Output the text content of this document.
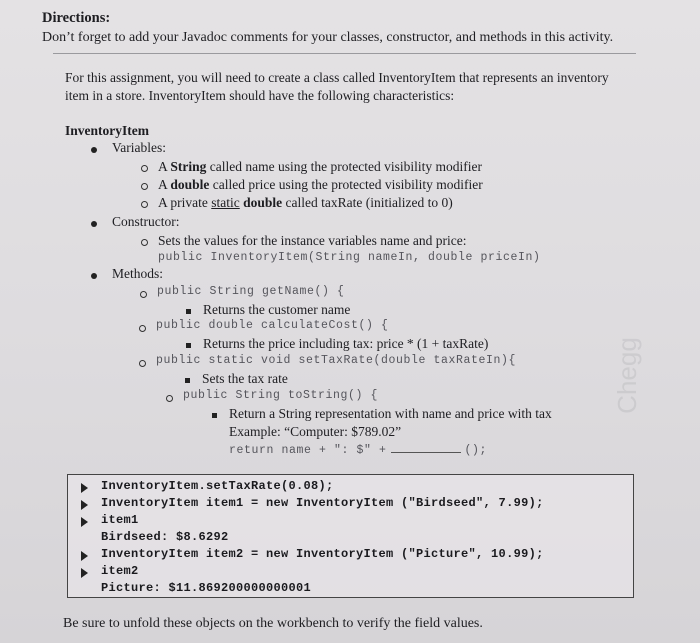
Directions:
Don’t forget to add your Javadoc comments for your classes, constructor, and methods in this activity.
For this assignment, you will need to create a class called InventoryItem that represents an inventory
item in a store. InventoryItem should have the following characteristics:
InventoryItem
Variables:
A String called name using the protected visibility modifier
A double called price using the protected visibility modifier
A private static double called taxRate (initialized to 0)
Constructor:
Sets the values for the instance variables name and price:
public InventoryItem(String nameIn, double priceIn)
Methods:
public String getName() {
Returns the customer name
public double calculateCost() {
Returns the price including tax: price * (1 + taxRate)
public static void setTaxRate(double taxRateIn){
Sets the tax rate
public String toString() {
Return a String representation with name and price with tax
Example: “Computer: $789.02”
return name + ": $" +	();
Chegg
InventoryItem.setTaxRate(0.08);
InventoryItem item1 = new InventoryItem ("Birdseed", 7.99);
item1
Birdseed: $8.6292
InventoryItem item2 = new InventoryItem ("Picture", 10.99);
item2
Picture: $11.869200000000001
Be sure to unfold these objects on the workbench to verify the field values.
